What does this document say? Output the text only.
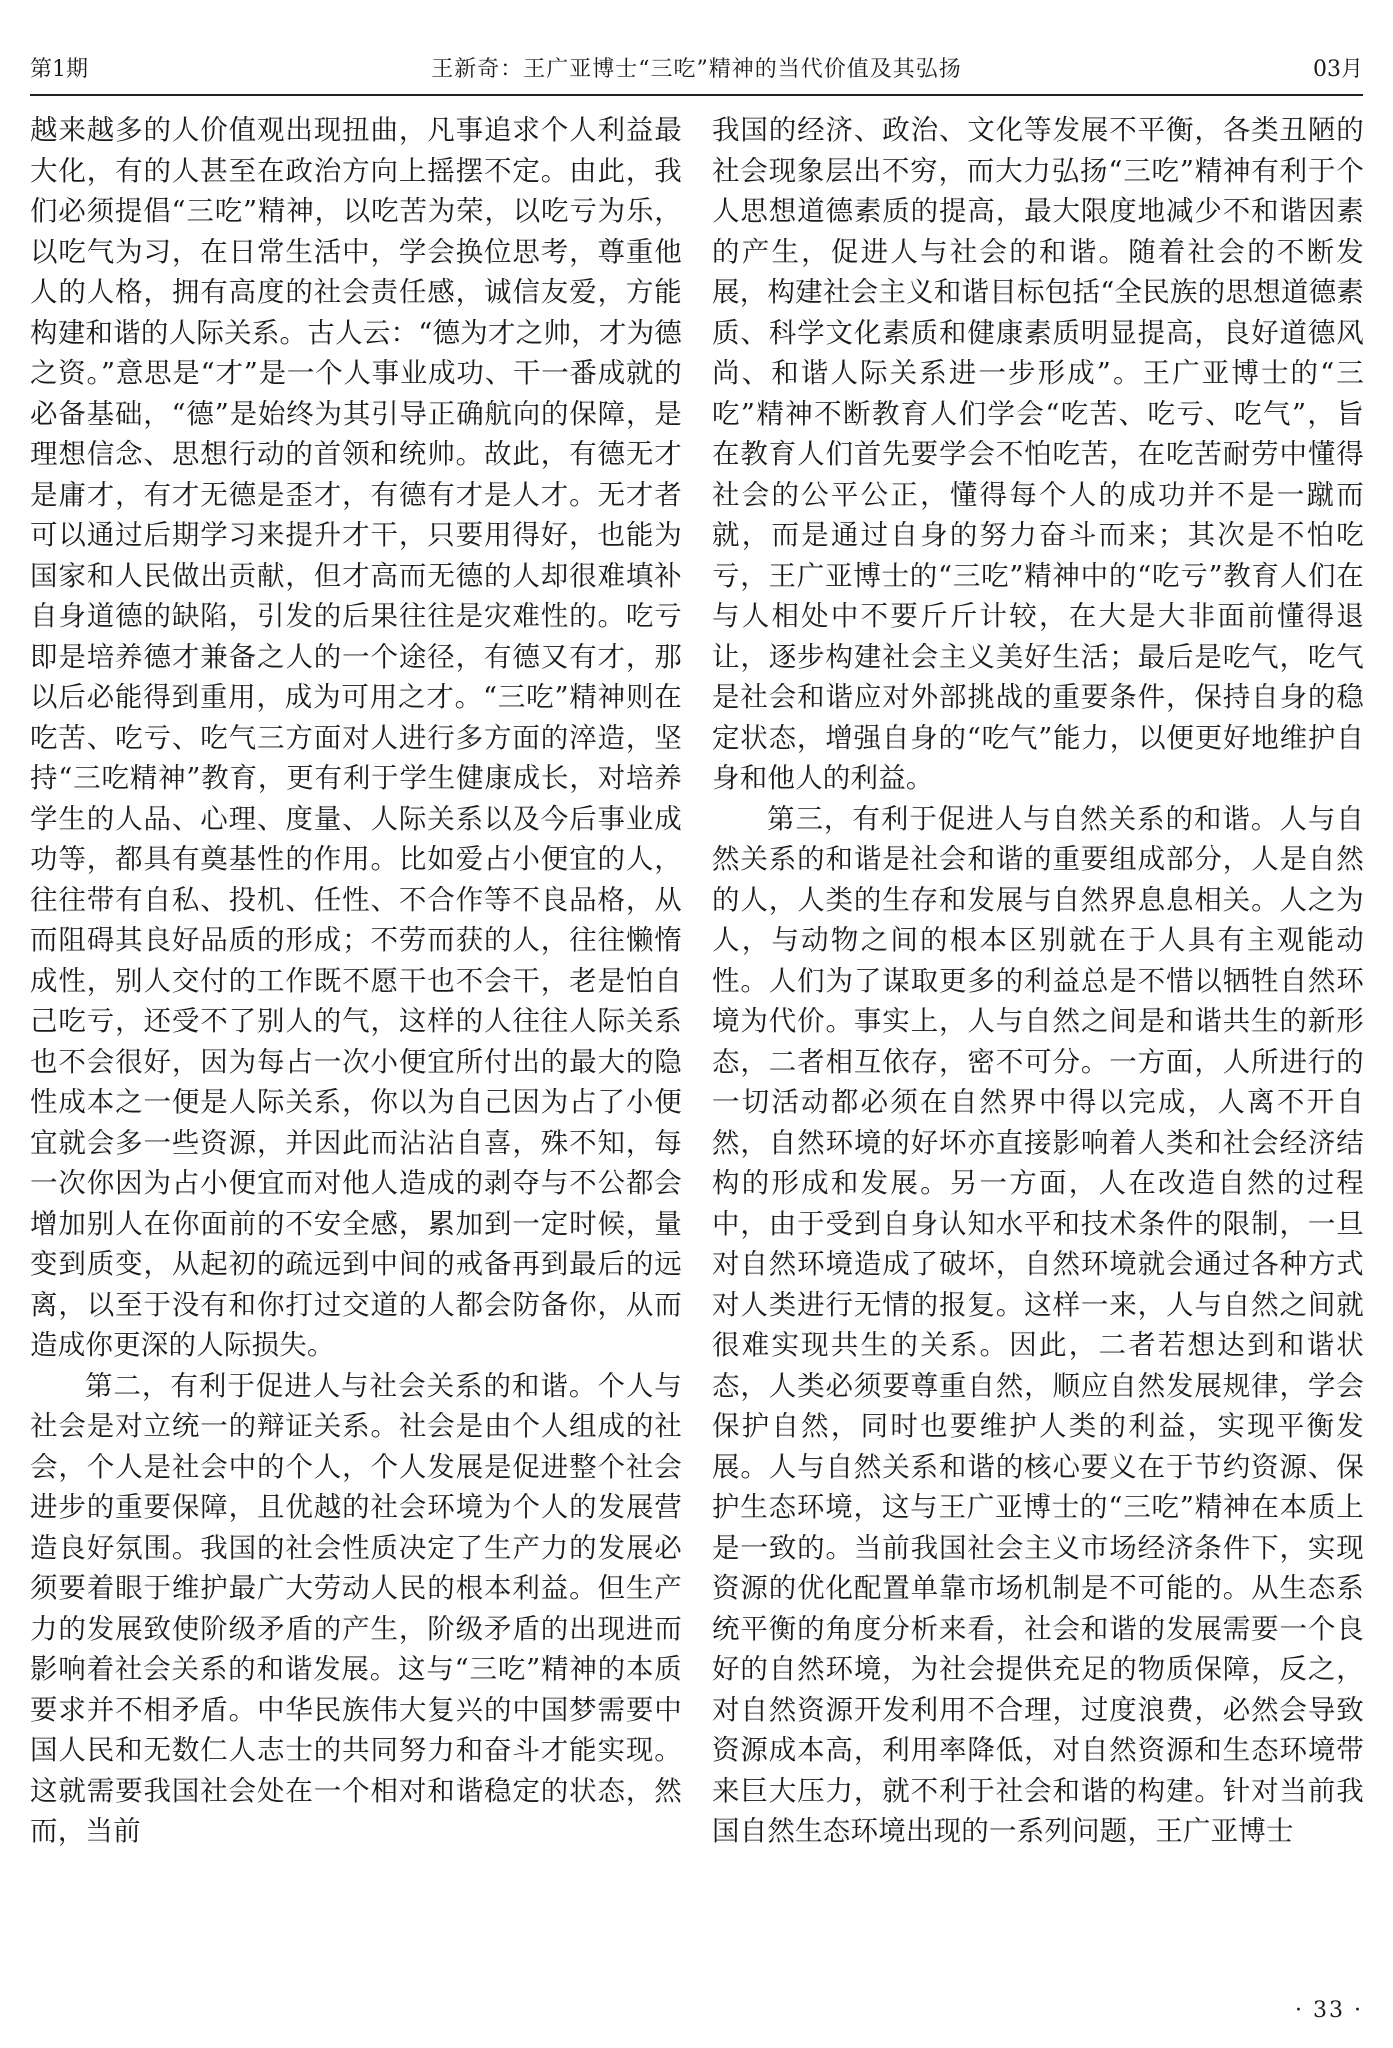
第1期	王新奇：王广亚博士“三吃”精神的当代价值及其弘扬	03月

越来越多的人价值观出现扭曲，凡事追求个人利益最大化，有的人甚至在政治方向上摇摆不定。由此，我们必须提倡“三吃”精神，以吃苦为荣，以吃亏为乐，以吃气为习，在日常生活中，学会换位思考，尊重他人的人格，拥有高度的社会责任感，诚信友爱，方能构建和谐的人际关系。古人云：“德为才之帅，才为德之资。”意思是“才”是一个人事业成功、干一番成就的必备基础，“德”是始终为其引导正确航向的保障，是理想信念、思想行动的首领和统帅。故此，有德无才是庸才，有才无德是歪才，有德有才是人才。无才者可以通过后期学习来提升才干，只要用得好，也能为国家和人民做出贡献，但才高而无德的人却很难填补自身道德的缺陷，引发的后果往往是灾难性的。吃亏即是培养德才兼备之人的一个途径，有德又有才，那以后必能得到重用，成为可用之才。“三吃”精神则在吃苦、吃亏、吃气三方面对人进行多方面的淬造，坚持“三吃精神”教育，更有利于学生健康成长，对培养学生的人品、心理、度量、人际关系以及今后事业成功等，都具有奠基性的作用。比如爱占小便宜的人，往往带有自私、投机、任性、不合作等不良品格，从而阻碍其良好品质的形成；不劳而获的人，往往懒惰成性，别人交付的工作既不愿干也不会干，老是怕自己吃亏，还受不了别人的气，这样的人往往人际关系也不会很好，因为每占一次小便宜所付出的最大的隐性成本之一便是人际关系，你以为自己因为占了小便宜就会多一些资源，并因此而沾沾自喜，殊不知，每一次你因为占小便宜而对他人造成的剥夺与不公都会增加别人在你面前的不安全感，累加到一定时候，量变到质变，从起初的疏远到中间的戒备再到最后的远离，以至于没有和你打过交道的人都会防备你，从而造成你更深的人际损失。

第二，有利于促进人与社会关系的和谐。个人与社会是对立统一的辩证关系。社会是由个人组成的社会，个人是社会中的个人，个人发展是促进整个社会进步的重要保障，且优越的社会环境为个人的发展营造良好氛围。我国的社会性质决定了生产力的发展必须要着眼于维护最广大劳动人民的根本利益。但生产力的发展致使阶级矛盾的产生，阶级矛盾的出现进而影响着社会关系的和谐发展。这与“三吃”精神的本质要求并不相矛盾。中华民族伟大复兴的中国梦需要中国人民和无数仁人志士的共同努力和奋斗才能实现。这就需要我国社会处在一个相对和谐稳定的状态，然而，当前

我国的经济、政治、文化等发展不平衡，各类丑陋的社会现象层出不穷，而大力弘扬“三吃”精神有利于个人思想道德素质的提高，最大限度地减少不和谐因素的产生，促进人与社会的和谐。随着社会的不断发展，构建社会主义和谐目标包括“全民族的思想道德素质、科学文化素质和健康素质明显提高，良好道德风尚、和谐人际关系进一步形成”。王广亚博士的“三吃”精神不断教育人们学会“吃苦、吃亏、吃气”，旨在教育人们首先要学会不怕吃苦，在吃苦耐劳中懂得社会的公平公正，懂得每个人的成功并不是一蹴而就，而是通过自身的努力奋斗而来；其次是不怕吃亏，王广亚博士的“三吃”精神中的“吃亏”教育人们在与人相处中不要斤斤计较，在大是大非面前懂得退让，逐步构建社会主义美好生活；最后是吃气，吃气是社会和谐应对外部挑战的重要条件，保持自身的稳定状态，增强自身的“吃气”能力，以便更好地维护自身和他人的利益。

第三，有利于促进人与自然关系的和谐。人与自然关系的和谐是社会和谐的重要组成部分，人是自然的人，人类的生存和发展与自然界息息相关。人之为人，与动物之间的根本区别就在于人具有主观能动性。人们为了谋取更多的利益总是不惜以牺牲自然环境为代价。事实上，人与自然之间是和谐共生的新形态，二者相互依存，密不可分。一方面，人所进行的一切活动都必须在自然界中得以完成，人离不开自然，自然环境的好坏亦直接影响着人类和社会经济结构的形成和发展。另一方面，人在改造自然的过程中，由于受到自身认知水平和技术条件的限制，一旦对自然环境造成了破坏，自然环境就会通过各种方式对人类进行无情的报复。这样一来，人与自然之间就很难实现共生的关系。因此，二者若想达到和谐状态，人类必须要尊重自然，顺应自然发展规律，学会保护自然，同时也要维护人类的利益，实现平衡发展。人与自然关系和谐的核心要义在于节约资源、保护生态环境，这与王广亚博士的“三吃”精神在本质上是一致的。当前我国社会主义市场经济条件下，实现资源的优化配置单靠市场机制是不可能的。从生态系统平衡的角度分析来看，社会和谐的发展需要一个良好的自然环境，为社会提供充足的物质保障，反之，对自然资源开发利用不合理，过度浪费，必然会导致资源成本高，利用率降低，对自然资源和生态环境带来巨大压力，就不利于社会和谐的构建。针对当前我国自然生态环境出现的一系列问题，王广亚博士

· 33 ·
